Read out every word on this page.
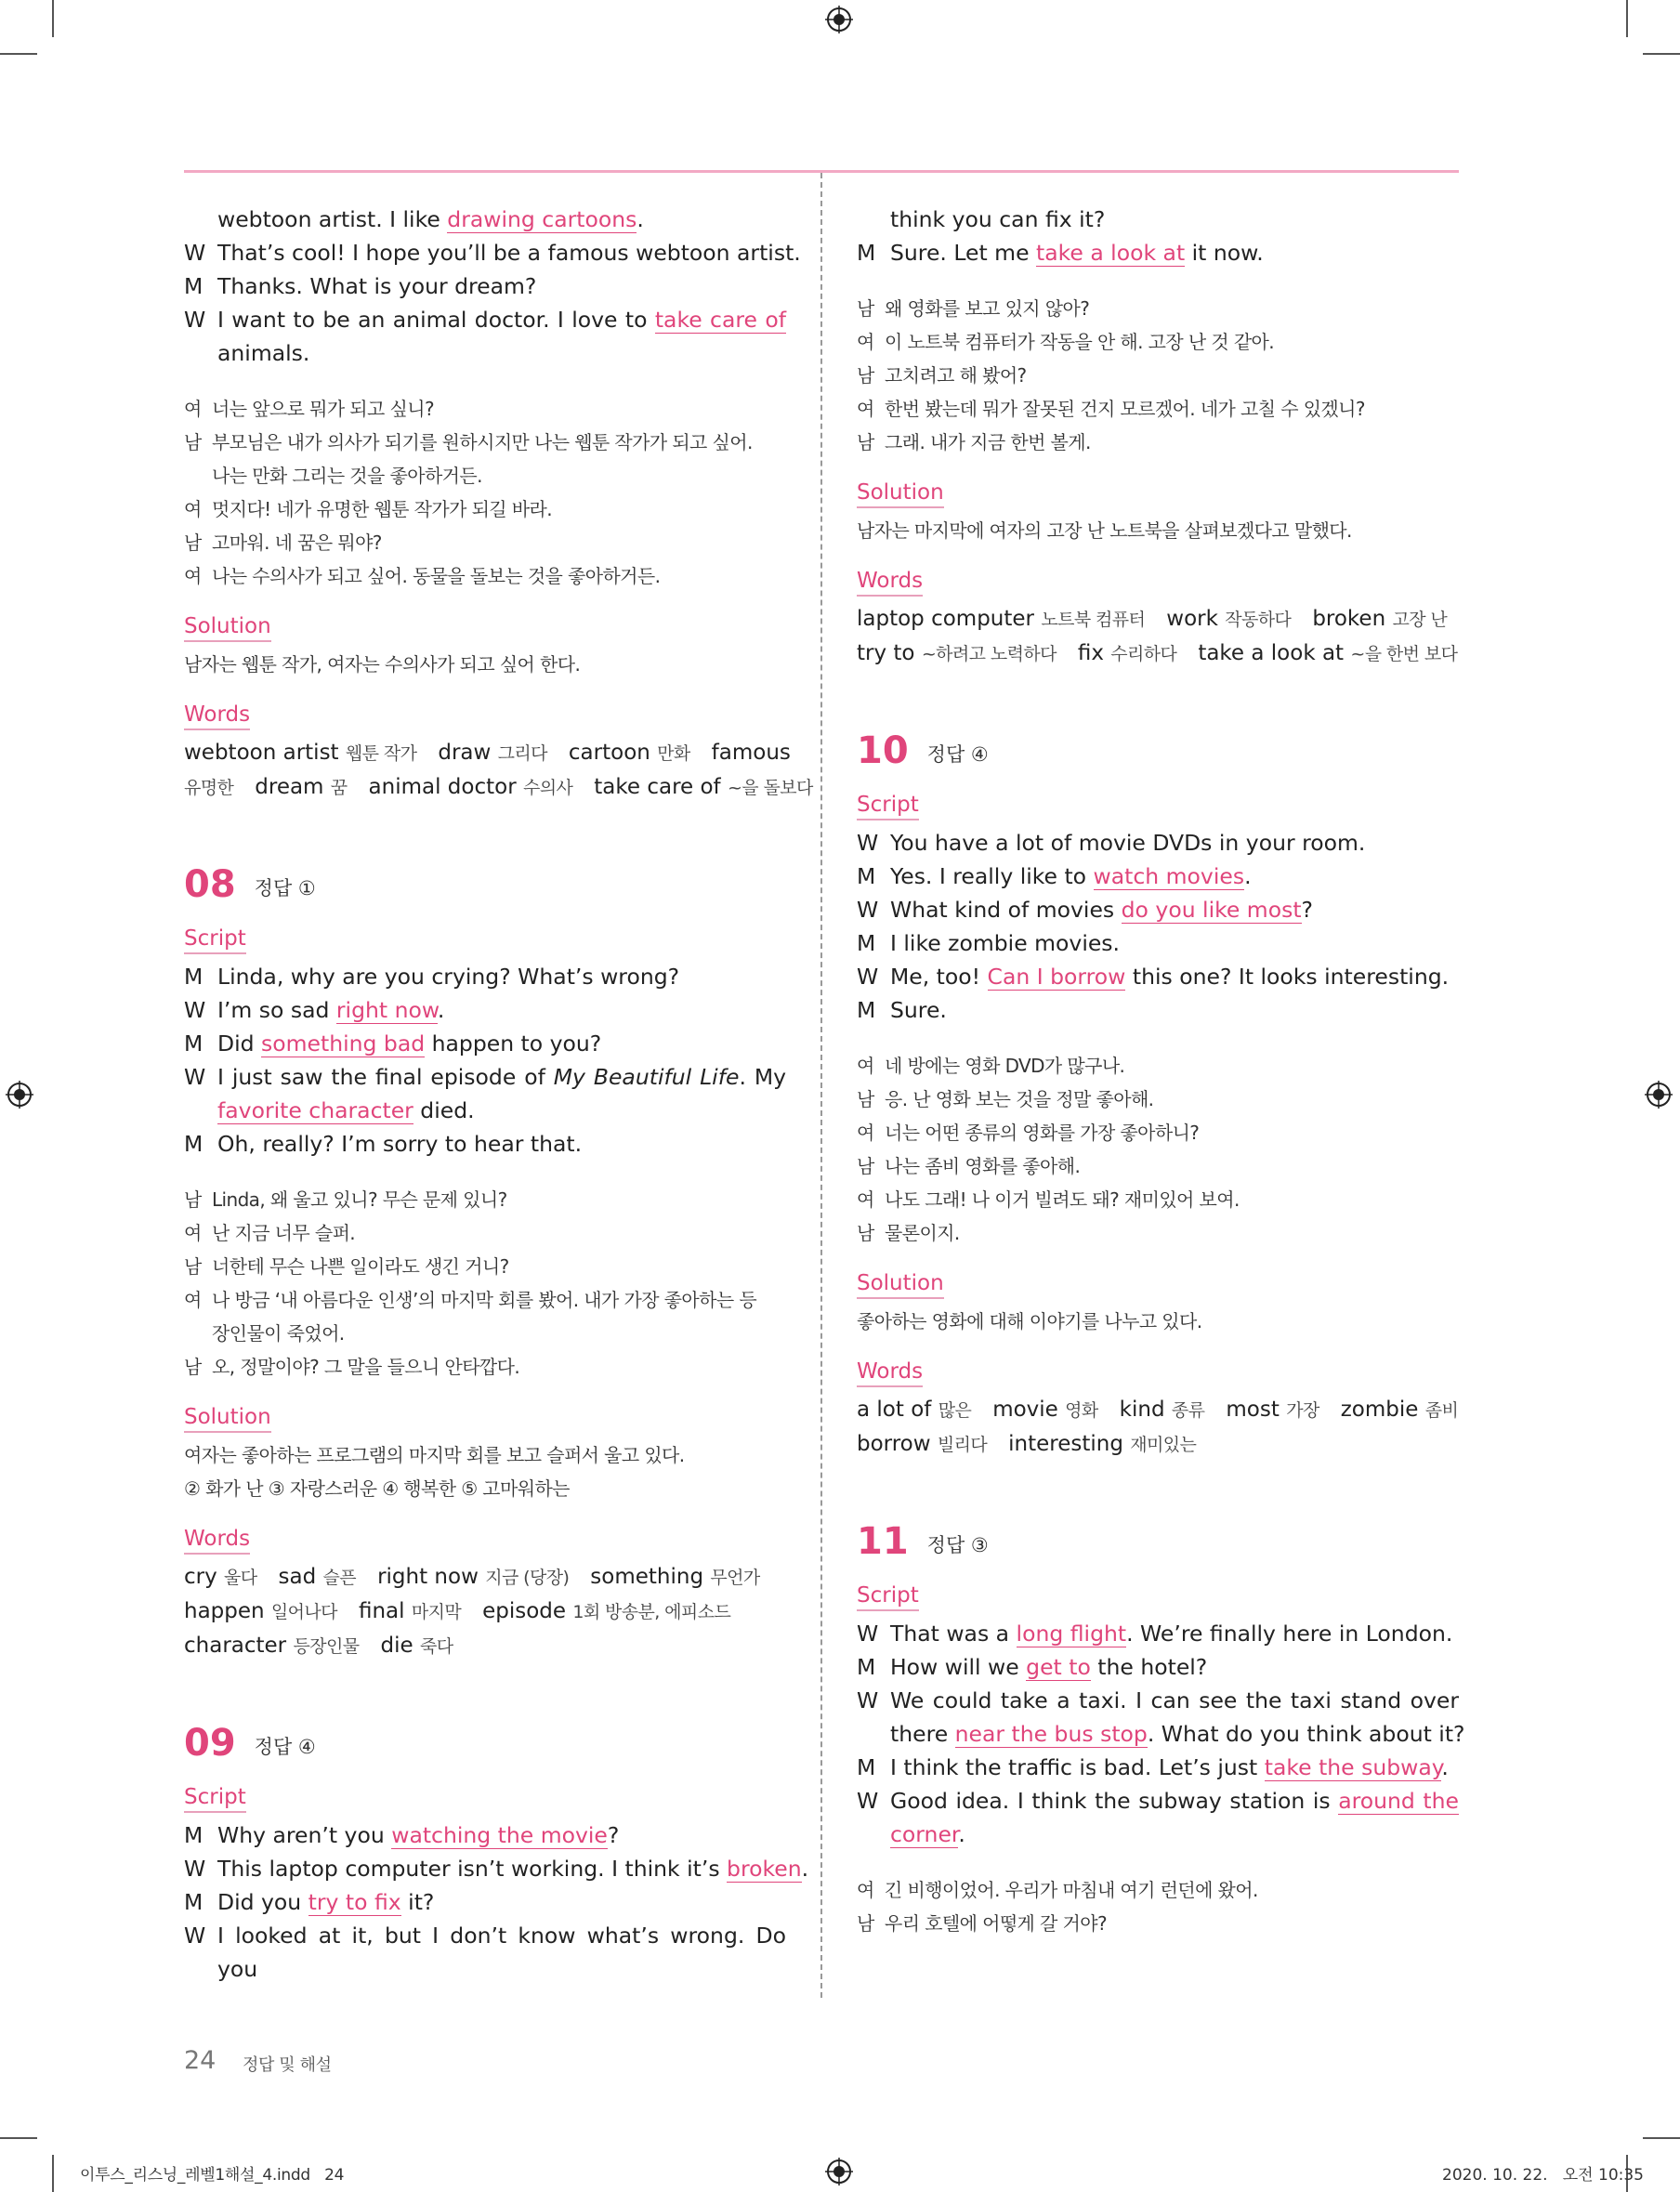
webtoon artist. I like drawing cartoons.
W That’s cool! I hope you’ll be a famous webtoon artist.
M Thanks. What is your dream?
W I want to be an animal doctor. I love to take care of
animals.
여 너는 앞으로 뭐가 되고 싶니?
남 부모님은 내가 의사가 되기를 원하시지만 나는 웹툰 작가가 되고 싶어.
나는 만화 그리는 것을 좋아하거든.
여 멋지다! 네가 유명한 웹툰 작가가 되길 바라.
남 고마워. 네 꿈은 뭐야?
여 나는 수의사가 되고 싶어. 동물을 돌보는 것을 좋아하거든.
Solution
남자는 웹툰 작가, 여자는 수의사가 되고 싶어 한다.
Words
webtoon artist 웹툰 작가   draw 그리다   cartoon 만화   famous
유명한   dream 꿈   animal doctor 수의사   take care of ~을 돌보다
08 정답 ①
Script
M Linda, why are you crying? What’s wrong?
W I’m so sad right now.
M Did something bad happen to you?
W I just saw the final episode of My Beautiful Life. My
favorite character died.
M Oh, really? I’m sorry to hear that.
남 Linda, 왜 울고 있니? 무슨 문제 있니?
여 난 지금 너무 슬퍼.
남 너한테 무슨 나쁜 일이라도 생긴 거니?
여 나 방금 ‘내 아름다운 인생’의 마지막 회를 봤어. 내가 가장 좋아하는 등
장인물이 죽었어.
남 오, 정말이야? 그 말을 들으니 안타깝다.
Solution
여자는 좋아하는 프로그램의 마지막 회를 보고 슬퍼서 울고 있다.
② 화가 난 ③ 자랑스러운 ④ 행복한 ⑤ 고마워하는
Words
cry 울다   sad 슬픈   right now 지금 (당장)   something 무언가
happen 일어나다   final 마지막   episode 1회 방송분, 에피소드
character 등장인물   die 죽다
09 정답 ④
Script
M Why aren’t you watching the movie?
W This laptop computer isn’t working. I think it’s broken.
M Did you try to fix it?
W I looked at it, but I don’t know what’s wrong. Do you
think you can fix it?
M Sure. Let me take a look at it now.
남 왜 영화를 보고 있지 않아?
여 이 노트북 컴퓨터가 작동을 안 해. 고장 난 것 같아.
남 고치려고 해 봤어?
여 한번 봤는데 뭐가 잘못된 건지 모르겠어. 네가 고칠 수 있겠니?
남 그래. 내가 지금 한번 볼게.
Solution
남자는 마지막에 여자의 고장 난 노트북을 살펴보겠다고 말했다.
Words
laptop computer 노트북 컴퓨터   work 작동하다   broken 고장 난
try to ~하려고 노력하다   fix 수리하다   take a look at ~을 한번 보다
10 정답 ④
Script
W You have a lot of movie DVDs in your room.
M Yes. I really like to watch movies.
W What kind of movies do you like most?
M I like zombie movies.
W Me, too! Can I borrow this one? It looks interesting.
M Sure.
여 네 방에는 영화 DVD가 많구나.
남 응. 난 영화 보는 것을 정말 좋아해.
여 너는 어떤 종류의 영화를 가장 좋아하니?
남 나는 좀비 영화를 좋아해.
여 나도 그래! 나 이거 빌려도 돼? 재미있어 보여.
남 물론이지.
Solution
좋아하는 영화에 대해 이야기를 나누고 있다.
Words
a lot of 많은   movie 영화   kind 종류   most 가장   zombie 좀비
borrow 빌리다   interesting 재미있는
11 정답 ③
Script
W That was a long flight. We’re finally here in London.
M How will we get to the hotel?
W We could take a taxi. I can see the taxi stand over
there near the bus stop. What do you think about it?
M I think the traffic is bad. Let’s just take the subway.
W Good idea. I think the subway station is around the
corner.
여 긴 비행이었어. 우리가 마침내 여기 런던에 왔어.
남 우리 호텔에 어떻게 갈 거야?
24 정답 및 해설
이투스_리스닝_레벨1해설_4.indd   24	2020. 10. 22.   오전 10:35
